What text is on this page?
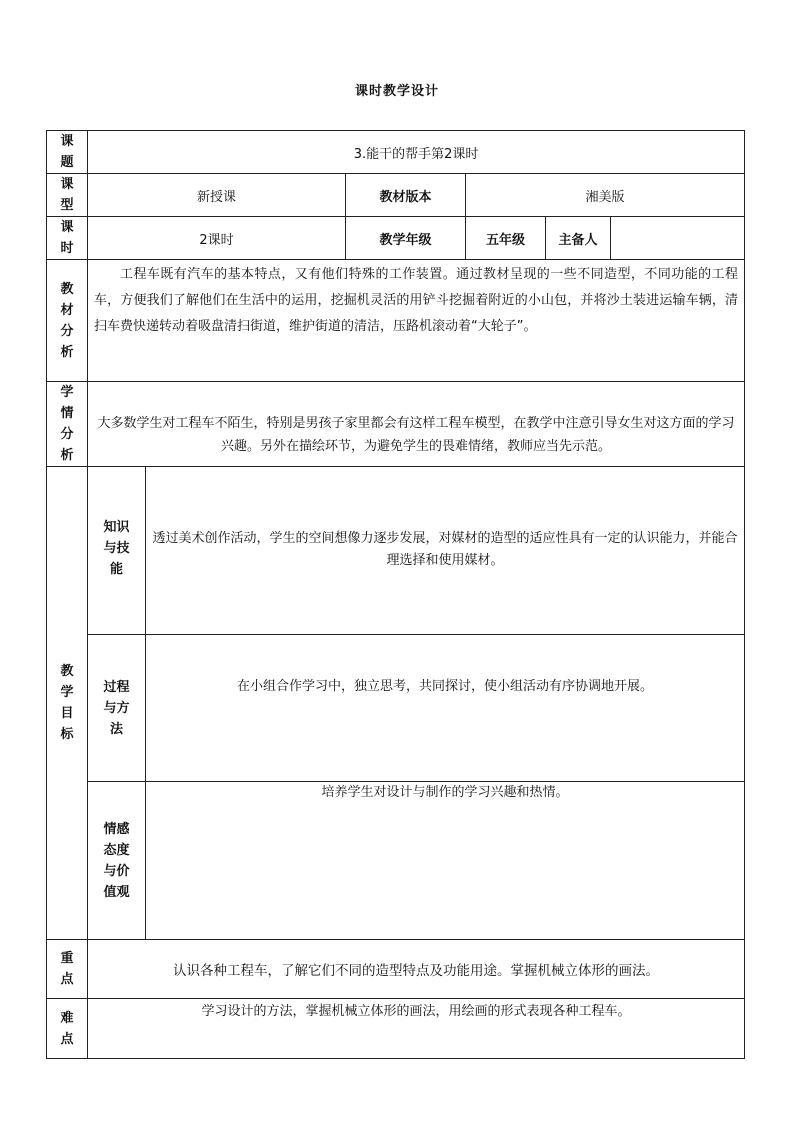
课时教学设计
课
题	3.能干的帮手第2课时					

课
型	新授课		教材版本	湘美版		

课
时	2课时		教学年级	五年级	主备人	

教
材
分
析	工程车既有汽车的基本特点，又有他们特殊的工作装置。通过教材呈现的一些不同造型，不同功能的工程车，方便我们了解他们在生活中的运用，挖掘机灵活的用铲斗挖掘着附近的小山包，并将沙土装进运输车辆，清扫车费快递转动着吸盘清扫街道，维护街道的清洁，压路机滚动着“大轮子”。					

学
情
分
析	大多数学生对工程车不陌生，特别是男孩子家里都会有这样工程车模型，在教学中注意引导女生对这方面的学习兴趣。另外在描绘环节，为避免学生的畏难情绪，教师应当先示范。					

教
学
目
标	知识
与技
能	透过美术创作活动，学生的空间想像力逐步发展，对媒材的造型的适应性具有一定的认识能力，并能合理选择和使用媒材。				

	过程
与方
法	在小组合作学习中，独立思考，共同探讨，使小组活动有序协调地开展。				

	情感
态度
与价
值观	培养学生对设计与制作的学习兴趣和热情。				

重
点	认识各种工程车，了解它们不同的造型特点及功能用途。掌握机械立体形的画法。					

难
点	学习设计的方法，掌握机械立体形的画法，用绘画的形式表现各种工程车。					
